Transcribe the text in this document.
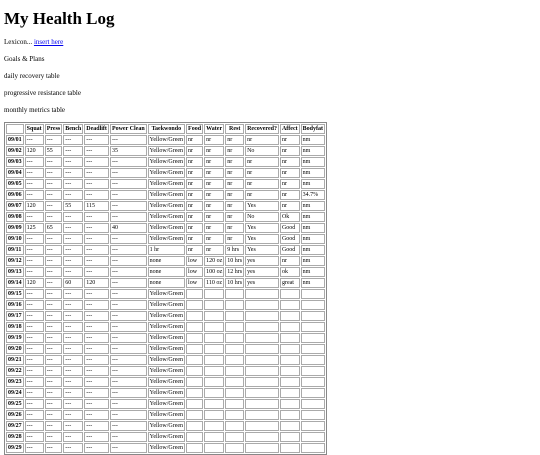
My Health Log

Lexicon... insert here

Goals & Plans

daily recovery table

progressive resistance table

monthly metrics table

	Squat	Press	Bench	Deadlift	Power Clean	Taekwondo	Food	Water	Rest	Recovered?	Affect	Bodyfat
09/01	---	---	---	---	---	Yellow/Green	nr	nr	nr	nr	nr	nm
09/02	120	55	---	---	35	Yellow/Green	nr	nr	nr	No	nr	nm
09/03	---	---	---	---	---	Yellow/Green	nr	nr	nr	nr	nr	nm
09/04	---	---	---	---	---	Yellow/Green	nr	nr	nr	nr	nr	nm
09/05	---	---	---	---	---	Yellow/Green	nr	nr	nr	nr	nr	nm
09/06	---	---	---	---	---	Yellow/Green	nr	nr	nr	nr	nr	34.7%
09/07	120	---	55	115	---	Yellow/Green	nr	nr	nr	Yes	nr	nm
09/08	---	---	---	---	---	Yellow/Green	nr	nr	nr	No	Ok	nm
09/09	125	65	---	---	40	Yellow/Green	nr	nr	nr	Yes	Good	nm
09/10	---	---	---	---	---	Yellow/Green	nr	nr	nr	Yes	Good	nm
09/11	---	---	---	---	---	1 hr	nr	nr	9 hrs	Yes	Good	nm
09/12	---	---	---	---	---	none	low	120 oz	10 hrs	yes	nr	nm
09/13	---	---	---	---	---	none	low	100 oz	12 hrs	yes	ok	nm
09/14	120	---	60	120	---	none	low	110 oz	10 hrs	yes	great	nm
09/15	---	---	---	---	---	Yellow/Green						
09/16	---	---	---	---	---	Yellow/Green						
09/17	---	---	---	---	---	Yellow/Green						
09/18	---	---	---	---	---	Yellow/Green						
09/19	---	---	---	---	---	Yellow/Green						
09/20	---	---	---	---	---	Yellow/Green						
09/21	---	---	---	---	---	Yellow/Green						
09/22	---	---	---	---	---	Yellow/Green						
09/23	---	---	---	---	---	Yellow/Green						
09/24	---	---	---	---	---	Yellow/Green						
09/25	---	---	---	---	---	Yellow/Green						
09/26	---	---	---	---	---	Yellow/Green						
09/27	---	---	---	---	---	Yellow/Green						
09/28	---	---	---	---	---	Yellow/Green						
09/29	---	---	---	---	---	Yellow/Green						
